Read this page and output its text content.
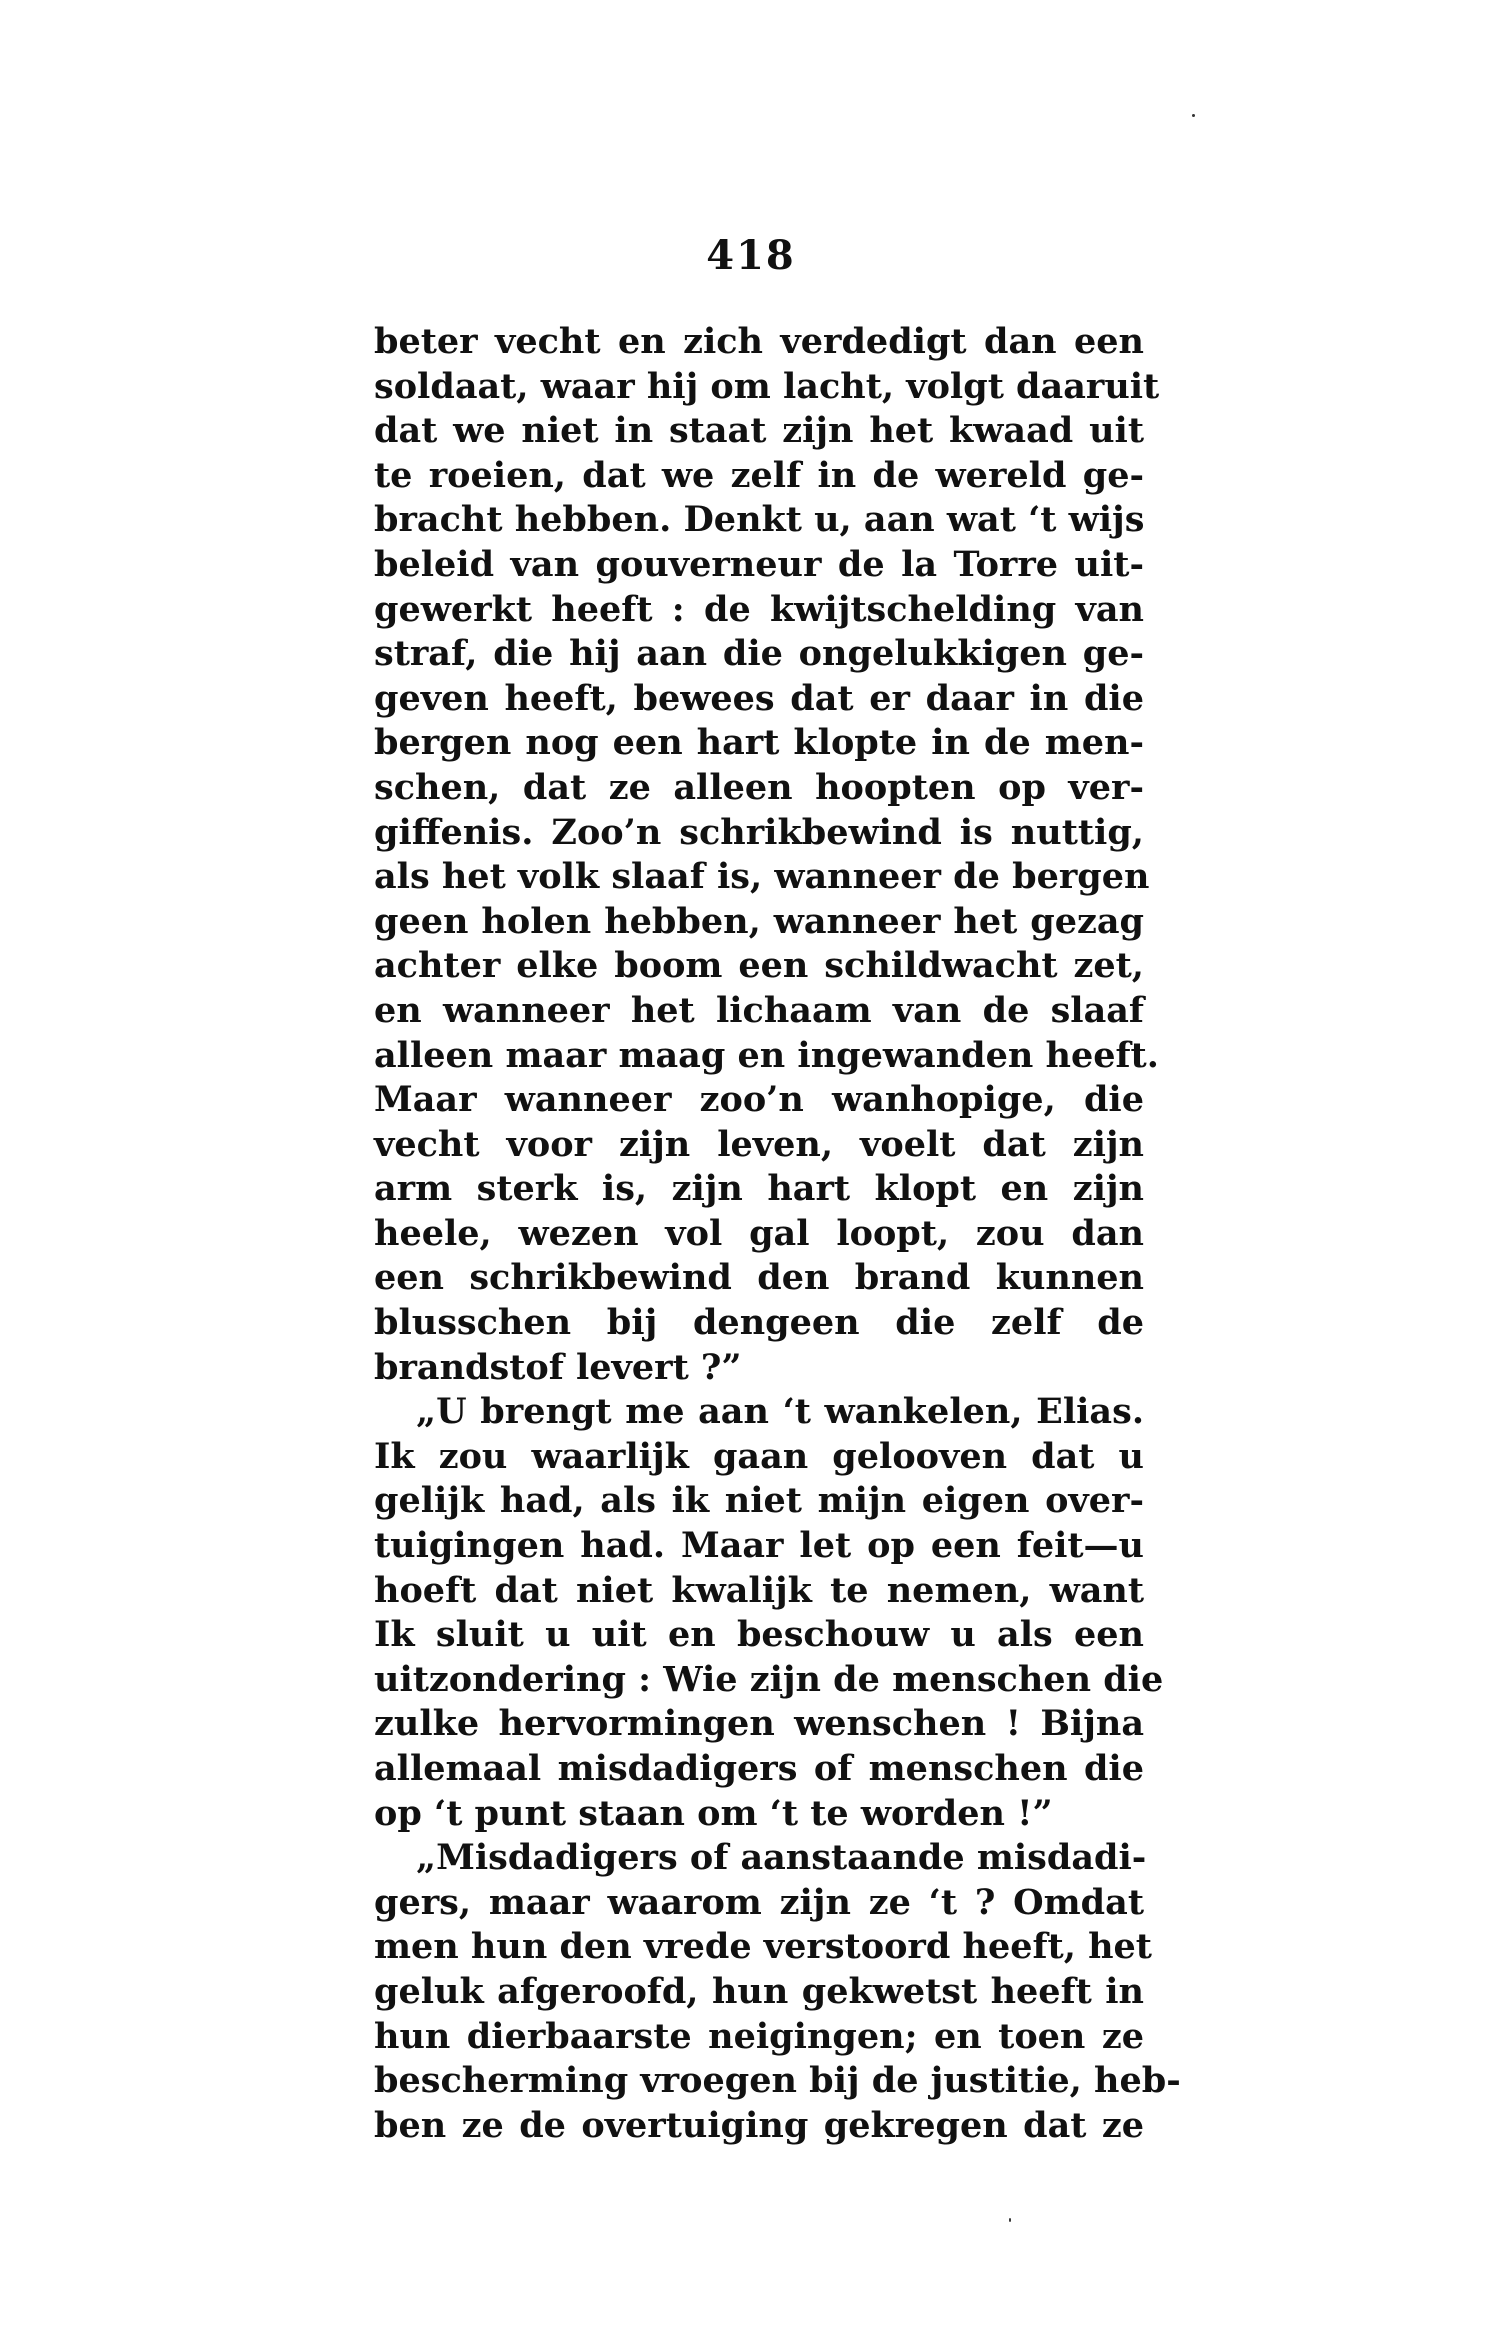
418
beter vecht en zich verdedigt dan een
soldaat, waar hij om lacht, volgt daaruit
dat we niet in staat zijn het kwaad uit
te roeien, dat we zelf in de wereld ge-
bracht hebben. Denkt u, aan wat ‘t wijs
beleid van gouverneur de la Torre uit-
gewerkt heeft : de kwijtschelding van
straf, die hij aan die ongelukkigen ge-
geven heeft, bewees dat er daar in die
bergen nog een hart klopte in de men-
schen, dat ze alleen hoopten op ver-
giffenis. Zoo’n schrikbewind is nuttig,
als het volk slaaf is, wanneer de bergen
geen holen hebben, wanneer het gezag
achter elke boom een schildwacht zet,
en wanneer het lichaam van de slaaf
alleen maar maag en ingewanden heeft.
Maar wanneer zoo’n wanhopige, die
vecht voor zijn leven, voelt dat zijn
arm sterk is, zijn hart klopt en zijn
heele, wezen vol gal loopt, zou dan
een schrikbewind den brand kunnen
blusschen bij dengeen die zelf de
brandstof levert ?”
„U brengt me aan ‘t wankelen, Elias.
Ik zou waarlijk gaan gelooven dat u
gelijk had, als ik niet mijn eigen over-
tuigingen had. Maar let op een feit—u
hoeft dat niet kwalijk te nemen, want
Ik sluit u uit en beschouw u als een
uitzondering : Wie zijn de menschen die
zulke hervormingen wenschen ! Bijna
allemaal misdadigers of menschen die
op ‘t punt staan om ‘t te worden !”
„Misdadigers of aanstaande misdadi-
gers, maar waarom zijn ze ‘t ? Omdat
men hun den vrede verstoord heeft, het
geluk afgeroofd, hun gekwetst heeft in
hun dierbaarste neigingen; en toen ze
bescherming vroegen bij de justitie, heb-
ben ze de overtuiging gekregen dat ze
